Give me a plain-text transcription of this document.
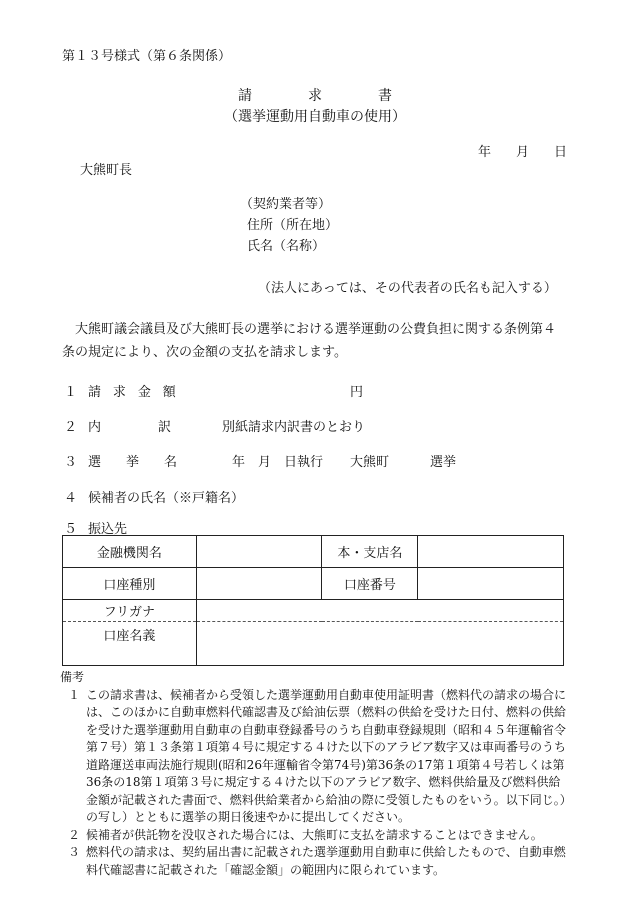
第１３号様式（第６条関係）
請　　　　求　　　　書
（選挙運動用自動車の使用）
年 月 日
大熊町長
（契約業者等）
住所（所在地）
氏名（名称）
（法人にあっては、その代表者の氏名も記入する）
大熊町議会議員及び大熊町長の選挙における選挙運動の公費負担に関する条例第４条の規定により、次の金額の支払を請求します。
１ 請 求 金 額	円
２ 内	訳	別紙請求内訳書のとおり
３ 選 挙 名	年　月　日執行 大熊町	選挙
４ 候補者の氏名（※戸籍名）
５ 振込先
金融機関名		本・支店名	
口座種別		口座番号	
フリガナ			
口座名義			
備考
１ この請求書は、候補者から受領した選挙運動用自動車使用証明書（燃料代の請求の場合には、このほかに自動車燃料代確認書及び給油伝票（燃料の供給を受けた日付、燃料の供給を受けた選挙運動用自動車の自動車登録番号のうち自動車登録規則（昭和４５年運輸省令第７号）第１３条第１項第４号に規定する４けた以下のアラビア数字又は車両番号のうち道路運送車両法施行規則(昭和26年運輸省令第74号)第36条の17第１項第４号若しくは第36条の18第１項第３号に規定する４けた以下のアラビア数字、燃料供給量及び燃料供給金額が記載された書面で、燃料供給業者から給油の際に受領したものをいう。以下同じ。）の写し）とともに選挙の期日後速やかに提出してください。
２ 候補者が供託物を没収された場合には、大熊町に支払を請求することはできません。
３ 燃料代の請求は、契約届出書に記載された選挙運動用自動車に供給したもので、自動車燃料代確認書に記載された「確認金額」の範囲内に限られています。
